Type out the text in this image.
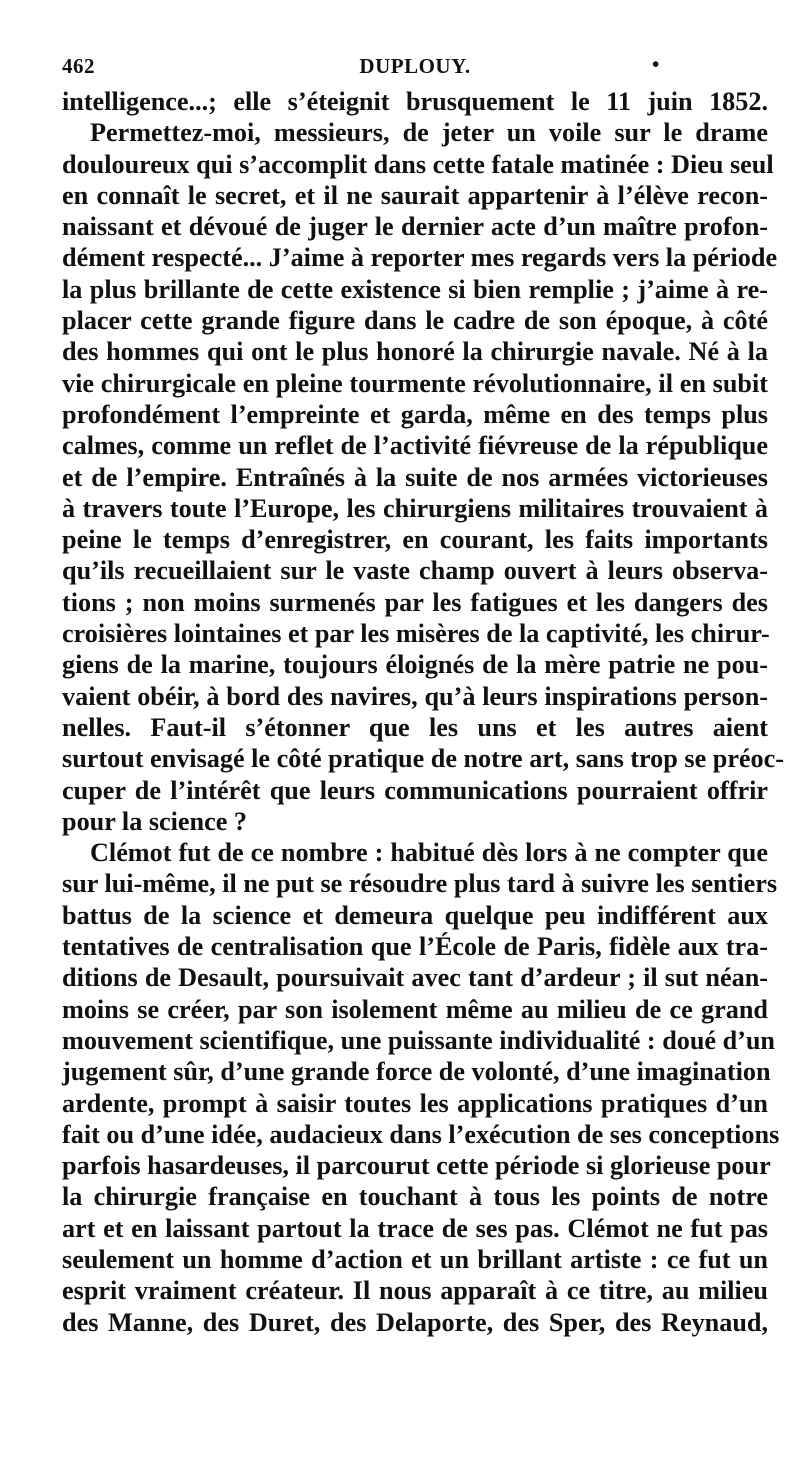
462	DUPLOUY.	•
intelligence...; elle s’éteignit brusquement le 11 juin 1852.
Permettez-moi, messieurs, de jeter un voile sur le drame
douloureux qui s’accomplit dans cette fatale matinée : Dieu seul
en connaît le secret, et il ne saurait appartenir à l’élève recon-
naissant et dévoué de juger le dernier acte d’un maître profon-
dément respecté... J’aime à reporter mes regards vers la période
la plus brillante de cette existence si bien remplie ; j’aime à re-
placer cette grande figure dans le cadre de son époque, à côté
des hommes qui ont le plus honoré la chirurgie navale. Né à la
vie chirurgicale en pleine tourmente révolutionnaire, il en subit
profondément l’empreinte et garda, même en des temps plus
calmes, comme un reflet de l’activité fiévreuse de la république
et de l’empire. Entraînés à la suite de nos armées victorieuses
à travers toute l’Europe, les chirurgiens militaires trouvaient à
peine le temps d’enregistrer, en courant, les faits importants
qu’ils recueillaient sur le vaste champ ouvert à leurs observa-
tions ; non moins surmenés par les fatigues et les dangers des
croisières lointaines et par les misères de la captivité, les chirur-
giens de la marine, toujours éloignés de la mère patrie ne pou-
vaient obéir, à bord des navires, qu’à leurs inspirations person-
nelles. Faut-il s’étonner que les uns et les autres aient
surtout envisagé le côté pratique de notre art, sans trop se préoc-
cuper de l’intérêt que leurs communications pourraient offrir
pour la science ?
Clémot fut de ce nombre : habitué dès lors à ne compter que
sur lui-même, il ne put se résoudre plus tard à suivre les sentiers
battus de la science et demeura quelque peu indifférent aux
tentatives de centralisation que l’École de Paris, fidèle aux tra-
ditions de Desault, poursuivait avec tant d’ardeur ; il sut néan-
moins se créer, par son isolement même au milieu de ce grand
mouvement scientifique, une puissante individualité : doué d’un
jugement sûr, d’une grande force de volonté, d’une imagination
ardente, prompt à saisir toutes les applications pratiques d’un
fait ou d’une idée, audacieux dans l’exécution de ses conceptions
parfois hasardeuses, il parcourut cette période si glorieuse pour
la chirurgie française en touchant à tous les points de notre
art et en laissant partout la trace de ses pas. Clémot ne fut pas
seulement un homme d’action et un brillant artiste : ce fut un
esprit vraiment créateur. Il nous apparaît à ce titre, au milieu
des Manne, des Duret, des Delaporte, des Sper, des Reynaud,
